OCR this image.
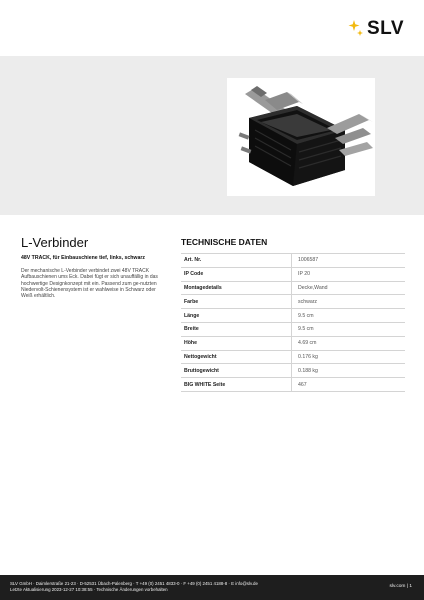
SLV
L-Verbinder
48V TRACK, für Einbauschiene tief, links, schwarz
Der mechanische L-Verbinder verbindet zwei 48V TRACK Aufbauschienen ums Eck. Dabei fügt er sich unauffällig in das hochwertige Designkonzept mit ein. Passend zum ge-nutzten Niedervolt-Schienensystem ist er wahlweise in Schwarz oder Weiß erhältlich.
TECHNISCHE DATEN
Art. Nr.	1006587
IP Code	IP 20
Montagedetails	Decke,Wand
Farbe	schwarz
Länge	9.5 cm
Breite	9.5 cm
Höhe	4.69 cm
Nettogewicht	0.176 kg
Bruttogewicht	0.188 kg
BIG WHITE Seite	467
SLV GmbH · Daimlerstraße 21-23 · D-52531 Übach-Palenberg · T +49 (0) 2451 4833-0 · F +49 (0) 2451 4188-8 · E info@slv.de
Letzte Aktualisierung 2023-12-27 10:38:55 · Technische Änderungen vorbehalten
slv.com | 1
